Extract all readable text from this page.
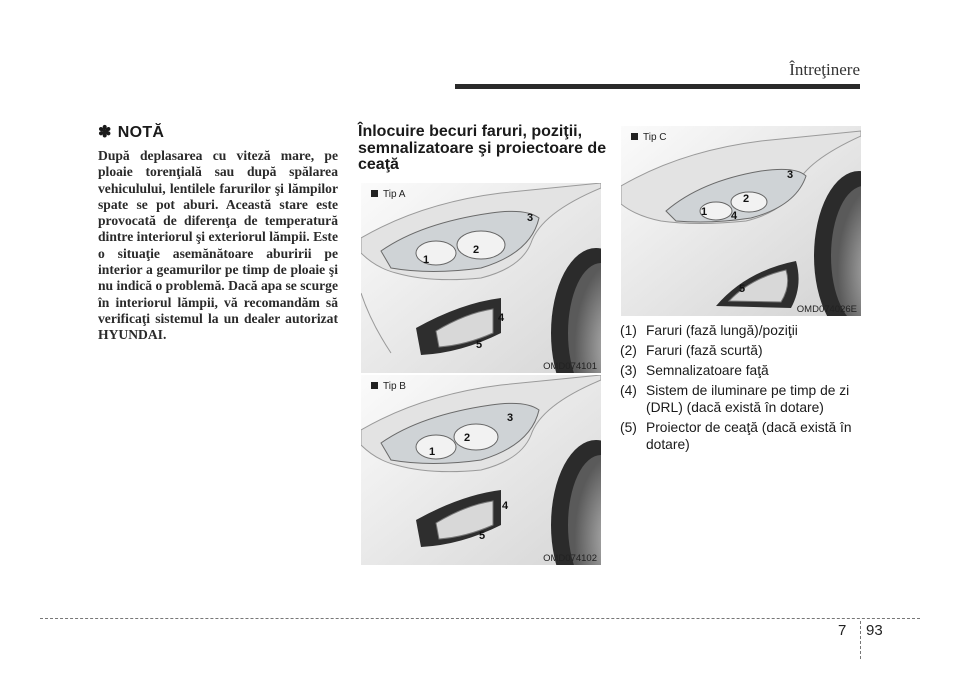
Întreţinere
✽ NOTĂ
După deplasarea cu viteză mare, pe ploaie torenţială sau după spălarea vehiculului, lentilele farurilor şi lămpilor spate se pot aburi. Această stare este provocată de diferenţa de temperatură dintre interiorul şi exteriorul lămpii. Este o situaţie asemănătoare aburirii pe interior a geamurilor pe timp de ploaie şi nu indică o problemă. Dacă apa se scurge în interiorul lămpii, vă recomandăm să verificaţi sistemul la un dealer autorizat HYUNDAI.
Înlocuire becuri faruri, poziţii, semnalizatoare şi proiectoare de ceaţă
1
2
3
4
5
Tip A
OMD074101
1
2
3
4
5
Tip B
OMD074102
1
2
3
4
5
Tip C
OMD074026E
(1) Faruri (fază lungă)/poziţii
(2) Faruri (fază scurtă)
(3) Semnalizatoare faţă
(4) Sistem de iluminare pe timp de zi (DRL) (dacă există în dotare)
(5) Proiector de ceaţă (dacă există în dotare)
7 93
